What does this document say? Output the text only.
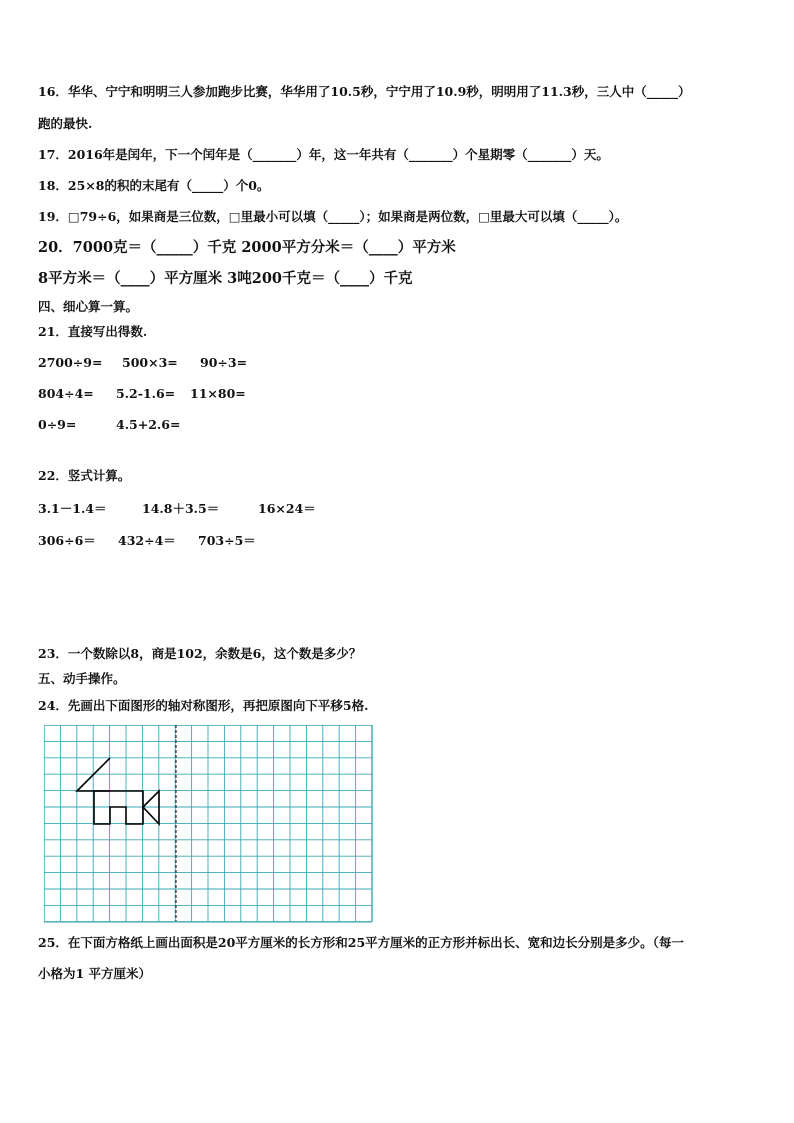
16．华华、宁宁和明明三人参加跑步比赛，华华用了10.5秒，宁宁用了10.9秒，明明用了11.3秒，三人中（_____）
跑的最快.
17．2016年是闰年，下一个闰年是（_______）年，这一年共有（_______）个星期零（_______）天。
18．25×8的积的末尾有（_____）个0。
19．□79÷6，如果商是三位数，□里最小可以填（_____）；如果商是两位数，□里最大可以填（_____）。
20．7000克＝（_____）千克 2000平方分米＝（____）平方米
8平方米＝（____）平方厘米 3吨200千克＝（____）千克
四、细心算一算。
21．直接写出得数.
2700÷9= 500×3= 90÷3=
804÷4= 5.2-1.6= 11×80=
0÷9=	4.5+2.6=
22．竖式计算。
3.1－1.4＝	14.8＋3.5＝	16×24＝
306÷6＝ 432÷4＝ 703÷5＝
23．一个数除以8，商是102，余数是6，这个数是多少？
五、动手操作。
24．先画出下面图形的轴对称图形，再把原图向下平移5格.
25．在下面方格纸上画出面积是20平方厘米的长方形和25平方厘米的正方形并标出长、宽和边长分别是多少。（每一
小格为1 平方厘米）
